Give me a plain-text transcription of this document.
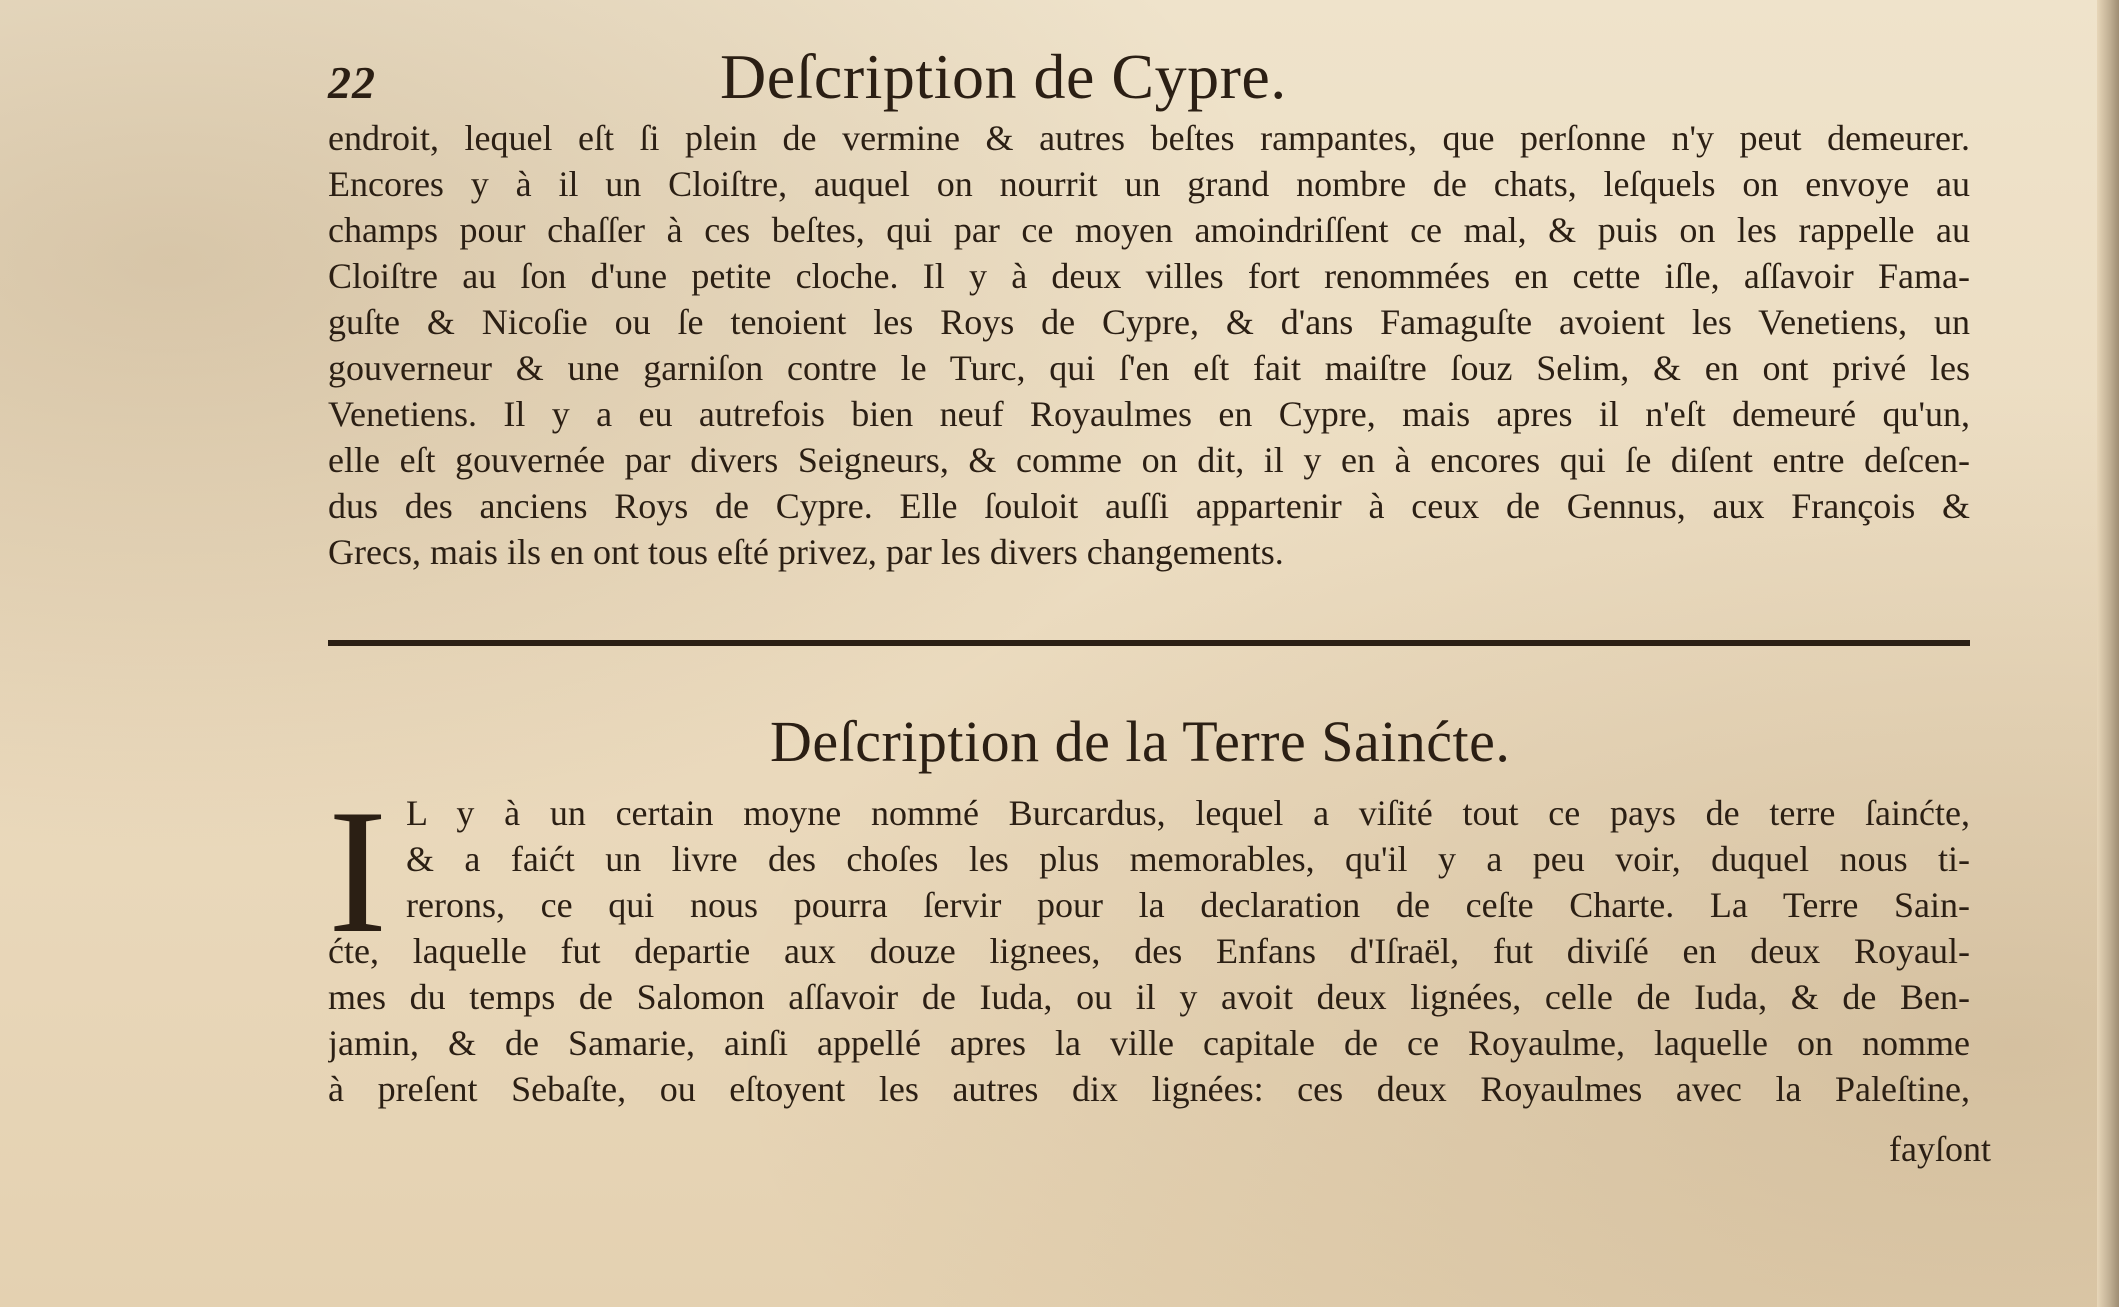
22	Deſcription de Cypre.
endroit, lequel eſt ſi plein de vermine & autres beſtes rampantes, que perſonne n'y peut demeurer.
Encores y à il un Cloiſtre, auquel on nourrit un grand nombre de chats, leſquels on envoye au
champs pour chaſſer à ces beſtes, qui par ce moyen amoindriſſent ce mal, & puis on les rappelle au
Cloiſtre au ſon d'une petite cloche. Il y à deux villes fort renommées en cette iſle, aſſavoir Fama-
guſte & Nicoſie ou ſe tenoient les Roys de Cypre, & d'ans Famaguſte avoient les Venetiens, un
gouverneur & une garniſon contre le Turc, qui ſ'en eſt fait maiſtre ſouz Selim, & en ont privé les
Venetiens. Il y a eu autrefois bien neuf Royaulmes en Cypre, mais apres il n'eſt demeuré qu'un,
elle eſt gouvernée par divers Seigneurs, & comme on dit, il y en à encores qui ſe diſent entre deſcen-
dus des anciens Roys de Cypre. Elle ſouloit auſſi appartenir à ceux de Gennus, aux François &
Grecs, mais ils en ont tous eſté privez, par les divers changements.
Deſcription de la Terre Sainćte.
I L y à un certain moyne nommé Burcardus, lequel a viſité tout ce pays de terre ſainćte,
& a faićt un livre des choſes les plus memorables, qu'il y a peu voir, duquel nous ti-
rerons, ce qui nous pourra ſervir pour la declaration de ceſte Charte. La Terre Sain-
ćte, laquelle fut departie aux douze lignees, des Enfans d'Iſraël, fut diviſé en deux Royaul-
mes du temps de Salomon aſſavoir de Iuda, ou il y avoit deux lignées, celle de Iuda, & de Ben-
jamin, & de Samarie, ainſi appellé apres la ville capitale de ce Royaulme, laquelle on nomme
à preſent Sebaſte, ou eſtoyent les autres dix lignées: ces deux Royaulmes avec la Paleſtine,
fayſont
